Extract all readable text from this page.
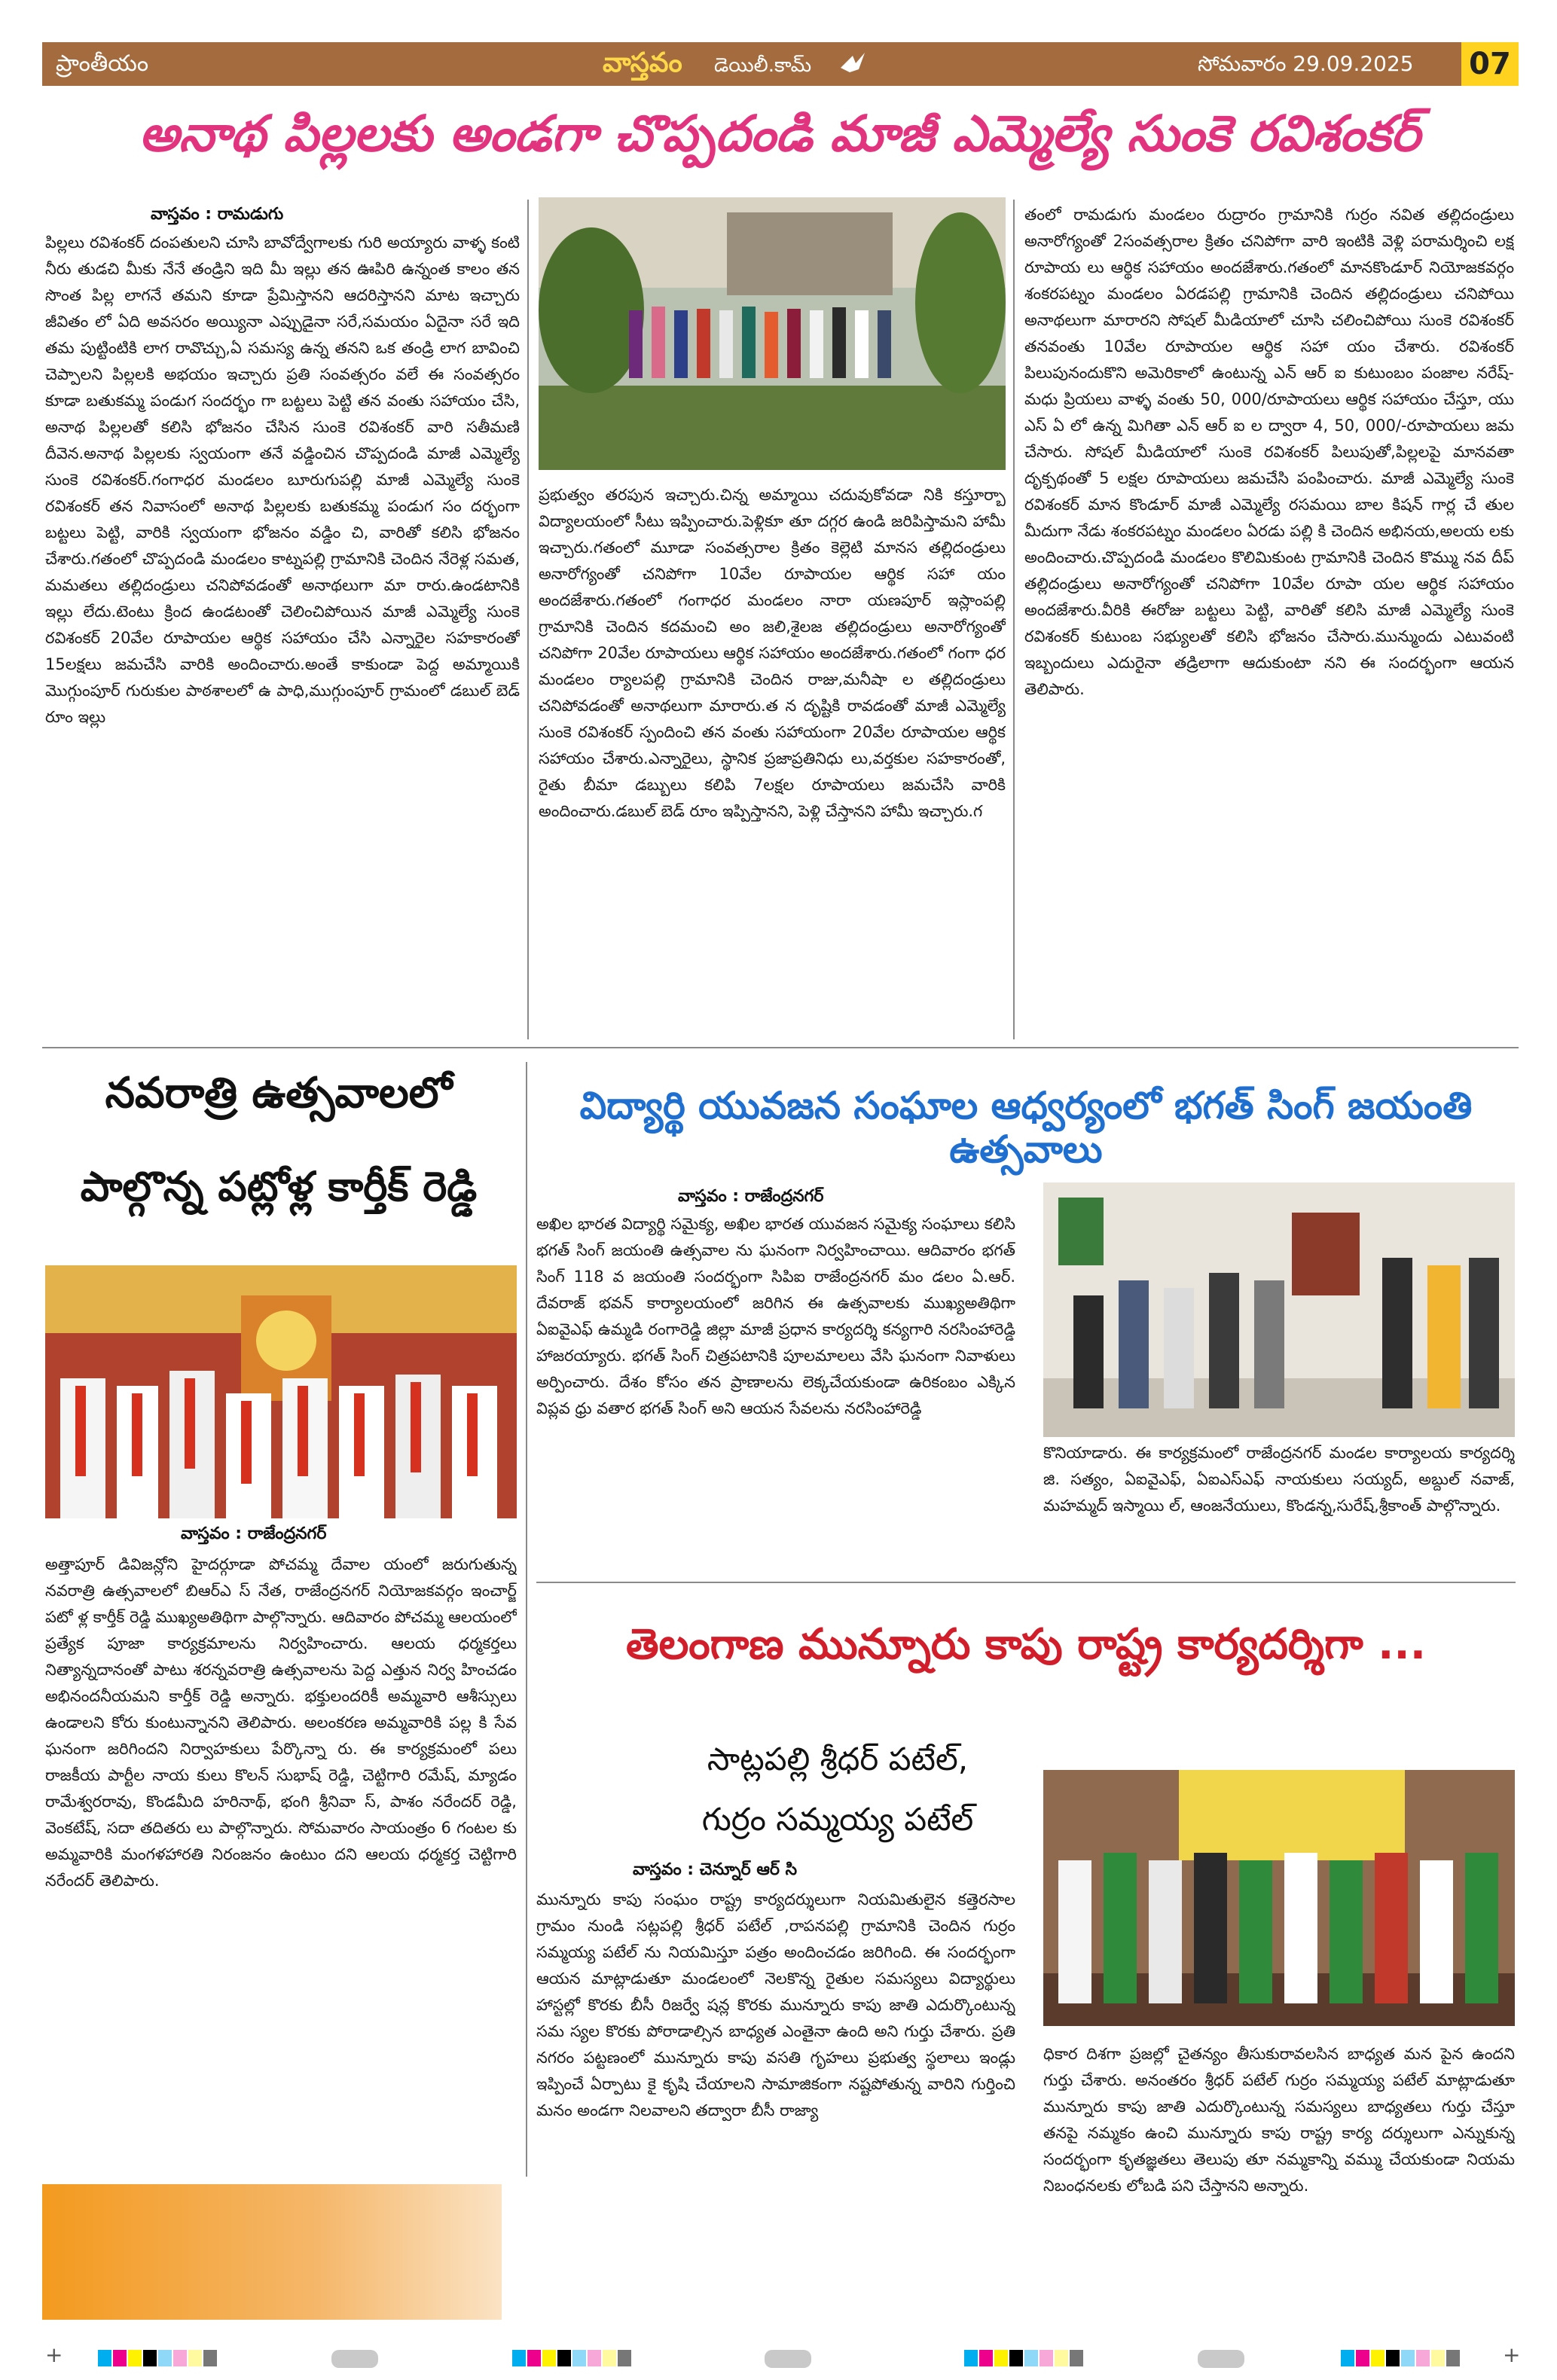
ప్రాంతీయం	వాస్తవం డెయిలీ.కామ్	సోమవారం 29.09.2025 07
అనాథ పిల్లలకు అండగా చొప్పదండి మాజీ ఎమ్మెల్యే సుంకె రవిశంకర్
వాస్తవం : రామడుగు
పిల్లలు రవిశంకర్ దంపతులని చూసి బావోద్వేగాలకు గురి అయ్యారు వాళ్ళ కంటి నీరు తుడచి మీకు నేనే తండ్రిని ఇది మీ ఇల్లు తన ఊపిరి ఉన్నంత కాలం తన సొంత పిల్ల లాగనే తమని కూడా ప్రేమిస్తానని ఆదరిస్తానని మాట ఇచ్చారు జీవితం లో ఏది అవసరం అయ్యినా ఎప్పుడైనా సరే,సమయం ఏదైనా సరే ఇది తమ పుట్టింటికి లాగ రావొచ్చు,ఏ సమస్య ఉన్న తనని ఒక తండ్రి లాగ బావించి చెప్పాలని పిల్లలకి అభయం ఇచ్చారు ప్రతి సంవత్సరం వలే ఈ సంవత్సరం కూడా బతుకమ్మ పండుగ సందర్భం గా బట్టలు పెట్టి తన వంతు సహాయం చేసి, అనాథ పిల్లలతో కలిసి భోజనం చేసిన సుంకె రవిశంకర్ వారి సతీమణి దీవెన.అనాథ పిల్లలకు స్వయంగా తనే వడ్డించిన చొప్పదండి మాజీ ఎమ్మెల్యే సుంకె రవిశంకర్.గంగాధర మండలం బూరుగుపల్లి మాజీ ఎమ్మెల్యే సుంకె రవిశంకర్ తన నివాసంలో అనాథ పిల్లలకు బతుకమ్మ పండుగ సం దర్భంగా బట్టలు పెట్టి, వారికి స్వయంగా భోజనం వడ్డిం చి, వారితో కలిసి భోజనం చేశారు.గతంలో చొప్పదండి మండలం కాట్నపల్లి గ్రామానికి చెందిన నేరెళ్ల సమత, మమతలు తల్లిదండ్రులు చనిపోవడంతో అనాథలుగా మా రారు.ఉండటానికి ఇల్లు లేదు.టెంటు క్రింద ఉండటంతో చెలించిపోయిన మాజీ ఎమ్మెల్యే సుంకె రవిశంకర్ 20వేల రూపాయల ఆర్థిక సహాయం చేసి ఎన్నారైల సహకారంతో 15లక్షలు జమచేసి వారికి అందించారు.అంతే కాకుండా పెద్ద అమ్మాయికి మొగ్గుంపూర్ గురుకుల పాఠశాలలో ఉ పాధి,ముగ్గుంపూర్ గ్రామంలో డబుల్ బెడ్ రూం ఇల్లు
ప్రభుత్వం తరపున ఇచ్చారు.చిన్న అమ్మాయి చదువుకోవడా నికి కస్తూర్బా విద్యాలయంలో సీటు ఇప్పించారు.పెళ్లికూ తూ దగ్గర ఉండి జరిపిస్తామని హామీ ఇచ్చారు.గతంలో మూడా సంవత్సరాల క్రితం కెల్లెటి మానస తల్లిదండ్రులు అనారోగ్యంతో చనిపోగా 10వేల రూపాయల ఆర్థిక సహా యం అందజేశారు.గతంలో గంగాధర మండలం నారా యణపూర్ ఇస్లాంపల్లి గ్రామానికి చెందిన కదమంచి అం జలి,శైలజ తల్లిదండ్రులు అనారోగ్యంతో చనిపోగా 20వేల రూపాయలు ఆర్థిక సహాయం అందజేశారు.గతంలో గంగా ధర మండలం ర్యాలపల్లి గ్రామానికి చెందిన రాజు,మనీషా ల తల్లిదండ్రులు చనిపోవడంతో అనాథలుగా మారారు.త న దృష్టికి రావడంతో మాజీ ఎమ్మెల్యే సుంకె రవిశంకర్ స్పందించి తన వంతు సహాయంగా 20వేల రూపాయల ఆర్థిక సహాయం చేశారు.ఎన్నారైలు, స్థానిక ప్రజాప్రతినిధు లు,వర్తకుల సహకారంతో, రైతు బీమా డబ్బులు కలిపి 7లక్షల రూపాయలు జమచేసి వారికి అందించారు.డబుల్ బెడ్ రూం ఇప్పిస్తానని, పెళ్లి చేస్తానని హామీ ఇచ్చారు.గ
తంలో రామడుగు మండలం రుద్రారం గ్రామానికి గుర్రం నవిత తల్లిదండ్రులు అనారోగ్యంతో 2సంవత్సరాల క్రితం చనిపోగా వారి ఇంటికి వెళ్లి పరామర్శించి లక్ష రూపాయ లు ఆర్థిక సహాయం అందజేశారు.గతంలో మానకొండూర్ నియోజకవర్గం శంకరపట్నం మండలం ఏరడపల్లి గ్రామానికి చెందిన తల్లిదండ్రులు చనిపోయి అనాథలుగా మారారని సోషల్ మీడియాలో చూసి చలించిపోయి సుంకె రవిశంకర్ తనవంతు 10వేల రూపాయల ఆర్థిక సహా యం చేశారు. రవిశంకర్ పిలుపునందుకొని అమెరికాలో ఉంటున్న ఎన్ ఆర్ ఐ కుటుంబం పంజాల నరేష్-మధు ప్రియలు వాళ్ళ వంతు 50, 000/రూపాయలు ఆర్థిక సహాయం చేస్తూ, యు ఎస్ ఏ లో ఉన్న మిగితా ఎన్ ఆర్ ఐ ల ద్వారా 4, 50, 000/-రూపాయలు జమ చేసారు. సోషల్ మీడియాలో సుంకె రవిశంకర్ పిలుపుతో,పిల్లలపై మానవతా దృక్పథంతో 5 లక్షల రూపాయలు జమచేసి పంపించారు. మాజీ ఎమ్మెల్యే సుంకె రవిశంకర్ మాన కొండూర్ మాజీ ఎమ్మెల్యే రసమయి బాల కిషన్ గార్ల చే తుల మీదుగా నేడు శంకరపట్నం మండలం ఏరడు పల్లి కి చెందిన అభినయ,అలయ లకు అందించారు.చొప్పదండి మండలం కొలిమికుంట గ్రామానికి చెందిన కొమ్ము నవ దీప్ తల్లిదండ్రులు అనారోగ్యంతో చనిపోగా 10వేల రూపా యల ఆర్థిక సహాయం అందజేశారు.వీరికి ఈరోజు బట్టలు పెట్టి, వారితో కలిసి మాజీ ఎమ్మెల్యే సుంకె రవిశంకర్ కుటుంబ సభ్యులతో కలిసి భోజనం చేసారు.మున్ముందు ఎటువంటి ఇబ్బందులు ఎదురైనా తడ్రిలాగా ఆదుకుంటా నని ఈ సందర్భంగా ఆయన తెలిపారు.
నవరాత్రి ఉత్సవాలలో
పాల్గొన్న పట్లోళ్ల కార్తీక్ రెడ్డి
వాస్తవం : రాజేంద్రనగర్
అత్తాపూర్ డివిజన్లోని హైదర్గూడా పోచమ్మ దేవాల యంలో జరుగుతున్న నవరాత్రి ఉత్సవాలలో బిఆర్ఎ స్ నేత, రాజేంద్రనగర్ నియోజకవర్గం ఇంచార్జ్ పటో ళ్ల కార్తీక్ రెడ్డి ముఖ్యఅతిథిగా పాల్గొన్నారు. ఆదివారం పోచమ్మ ఆలయంలో ప్రత్యేక పూజా కార్యక్రమాలను నిర్వహించారు. ఆలయ ధర్మకర్తలు నిత్యాన్నదానంతో పాటు శరన్నవరాత్రి ఉత్సవాలను పెద్ద ఎత్తున నిర్వ హించడం అభినందనీయమని కార్తీక్ రెడ్డి అన్నారు. భక్తులందరికీ అమ్మవారి ఆశీస్సులు ఉండాలని కోరు కుంటున్నానని తెలిపారు. అలంకరణ అమ్మవారికి పల్ల కి సేవ ఘనంగా జరిగిందని నిర్వాహకులు పేర్కొన్నా రు. ఈ కార్యక్రమంలో పలు రాజకీయ పార్టీల నాయ కులు కొలన్ సుభాష్ రెడ్డి, చెట్టిగారి రమేష్, మ్యాడం రామేశ్వరరావు, కొండమీది హరినాథ్, భంగి శ్రీనివా స్, పాశం నరేందర్ రెడ్డి, వెంకటేష్, సదా తదితరు లు పాల్గొన్నారు. సోమవారం సాయంత్రం 6 గంటల కు అమ్మవారికి మంగళహారతి నిరంజనం ఉంటుం దని ఆలయ ధర్మకర్త చెట్టిగారి నరేందర్ తెలిపారు.
విద్యార్థి యువజన సంఘాల ఆధ్వర్యంలో భగత్ సింగ్ జయంతి ఉత్సవాలు
వాస్తవం : రాజేంద్రనగర్
అఖిల భారత విద్యార్థి సమైక్య, అఖిల భారత యువజన సమైక్య సంఘాలు కలిసి భగత్ సింగ్ జయంతి ఉత్సవాల ను ఘనంగా నిర్వహించాయి. ఆదివారం భగత్ సింగ్ 118 వ జయంతి సందర్భంగా సిపిఐ రాజేంద్రనగర్ మం డలం ఏ.ఆర్. దేవరాజ్ భవన్ కార్యాలయంలో జరిగిన ఈ ఉత్సవాలకు ముఖ్యఅతిథిగా ఏఐవైఎఫ్ ఉమ్మడి రంగారెడ్డి జిల్లా మాజీ ప్రధాన కార్యదర్శి కన్యగారి నరసింహారెడ్డి హాజరయ్యారు. భగత్ సింగ్ చిత్రపటానికి పూలమాలలు వేసి ఘనంగా నివాళులు అర్పించారు. దేశం కోసం తన ప్రాణాలను లెక్కచేయకుండా ఉరికంబం ఎక్కిన విప్లవ ధ్రు వతార భగత్ సింగ్ అని ఆయన సేవలను నరసింహారెడ్డి
కొనియాడారు. ఈ కార్యక్రమంలో రాజేంద్రనగర్ మండల కార్యాలయ కార్యదర్శి జి. సత్యం, ఏఐవైఎఫ్, ఏఐఎస్ఎఫ్ నాయకులు సయ్యద్, అబ్దుల్ నవాజ్, మహమ్మద్ ఇస్మాయి ల్, ఆంజనేయులు, కొండన్న,సురేష్,శ్రీకాంత్ పాల్గొన్నారు.
తెలంగాణ మున్నూరు కాపు రాష్ట్ర కార్యదర్శిగా ...
సాట్లపల్లి శ్రీధర్ పటేల్,
గుర్రం సమ్మయ్య పటేల్
వాస్తవం : చెన్నూర్ ఆర్ సి
మున్నూరు కాపు సంఘం రాష్ట్ర కార్యదర్శులుగా నియమితులైన కత్తెరసాల గ్రామం నుండి సట్లపల్లి శ్రీధర్ పటేల్ ,రాపనపల్లి గ్రామానికి చెందిన గుర్రం సమ్మయ్య పటేల్ ను నియమిస్తూ పత్రం అందించడం జరిగింది. ఈ సందర్భంగా ఆయన మాట్లాడుతూ మండలంలో నెలకొన్న రైతుల సమస్యలు విద్యార్థులు హాస్టల్లో కొరకు బీసీ రిజర్వే షన్ల కొరకు మున్నూరు కాపు జాతి ఎదుర్కొంటున్న సమ స్యల కొరకు పోరాడాల్సిన బాధ్యత ఎంతైనా ఉంది అని గుర్తు చేశారు. ప్రతి నగరం పట్టణంలో మున్నూరు కాపు వసతి గృహలు ప్రభుత్వ స్థలాలు ఇండ్లు ఇప్పించే ఏర్పాటు కై కృషి చేయాలని సామాజికంగా నష్టపోతున్న వారిని గుర్తించి మనం అండగా నిలవాలని తద్వారా బీసీ రాజ్యా
ధికార దిశగా ప్రజల్లో చైతన్యం తీసుకురావలసిన బాధ్యత మన పైన ఉందని గుర్తు చేశారు. అనంతరం శ్రీధర్ పటేల్ గుర్రం సమ్మయ్య పటేల్ మాట్లాడుతూ మున్నూరు కాపు జాతి ఎదుర్కొంటున్న సమస్యలు బాధ్యతలు గుర్తు చేస్తూ తనపై నమ్మకం ఉంచి మున్నూరు కాపు రాష్ట్ర కార్య దర్శులుగా ఎన్నుకున్న సందర్భంగా కృతజ్ఞతలు తెలుపు తూ నమ్మకాన్ని వమ్ము చేయకుండా నియమ నిబంధనలకు లోబడి పని చేస్తానని అన్నారు.
+	+
